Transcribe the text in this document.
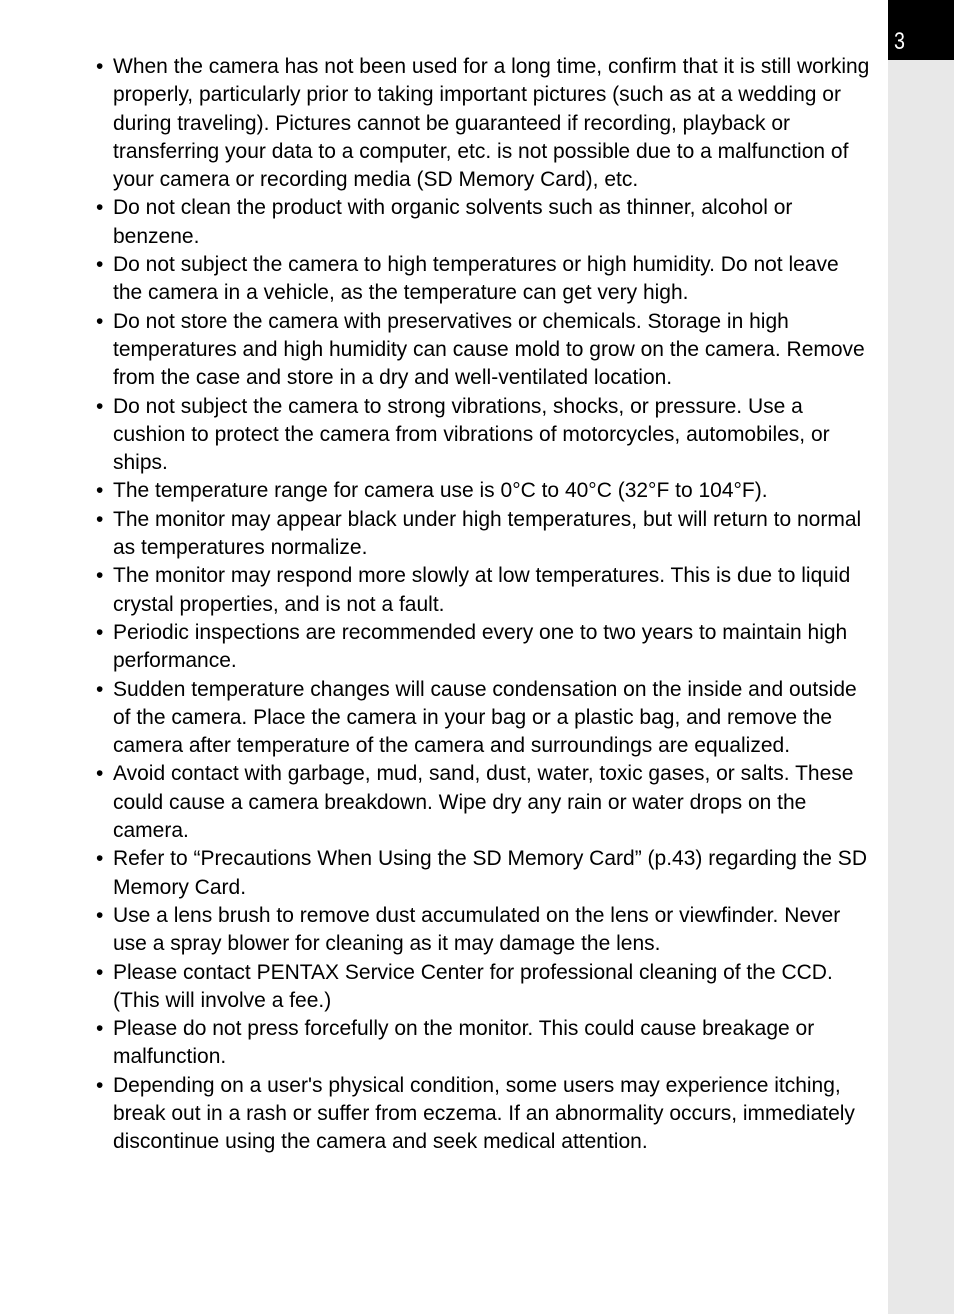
3
• When the camera has not been used for a long time, confirm that it is still working properly, particularly prior to taking important pictures (such as at a wedding or during traveling). Pictures cannot be guaranteed if recording, playback or transferring your data to a computer, etc. is not possible due to a malfunction of your camera or recording media (SD Memory Card), etc.
• Do not clean the product with organic solvents such as thinner, alcohol or benzene.
• Do not subject the camera to high temperatures or high humidity. Do not leave the camera in a vehicle, as the temperature can get very high.
• Do not store the camera with preservatives or chemicals. Storage in high temperatures and high humidity can cause mold to grow on the camera. Remove from the case and store in a dry and well-ventilated location.
• Do not subject the camera to strong vibrations, shocks, or pressure. Use a cushion to protect the camera from vibrations of motorcycles, automobiles, or ships.
• The temperature range for camera use is 0°C to 40°C (32°F to 104°F).
• The monitor may appear black under high temperatures, but will return to normal as temperatures normalize.
• The monitor may respond more slowly at low temperatures. This is due to liquid crystal properties, and is not a fault.
• Periodic inspections are recommended every one to two years to maintain high performance.
• Sudden temperature changes will cause condensation on the inside and outside of the camera. Place the camera in your bag or a plastic bag, and remove the camera after temperature of the camera and surroundings are equalized.
• Avoid contact with garbage, mud, sand, dust, water, toxic gases, or salts. These could cause a camera breakdown. Wipe dry any rain or water drops on the camera.
• Refer to “Precautions When Using the SD Memory Card” (p.43) regarding the SD Memory Card.
• Use a lens brush to remove dust accumulated on the lens or viewfinder. Never use a spray blower for cleaning as it may damage the lens.
• Please contact PENTAX Service Center for professional cleaning of the CCD. (This will involve a fee.)
• Please do not press forcefully on the monitor. This could cause breakage or malfunction.
• Depending on a user's physical condition, some users may experience itching, break out in a rash or suffer from eczema. If an abnormality occurs, immediately discontinue using the camera and seek medical attention.
